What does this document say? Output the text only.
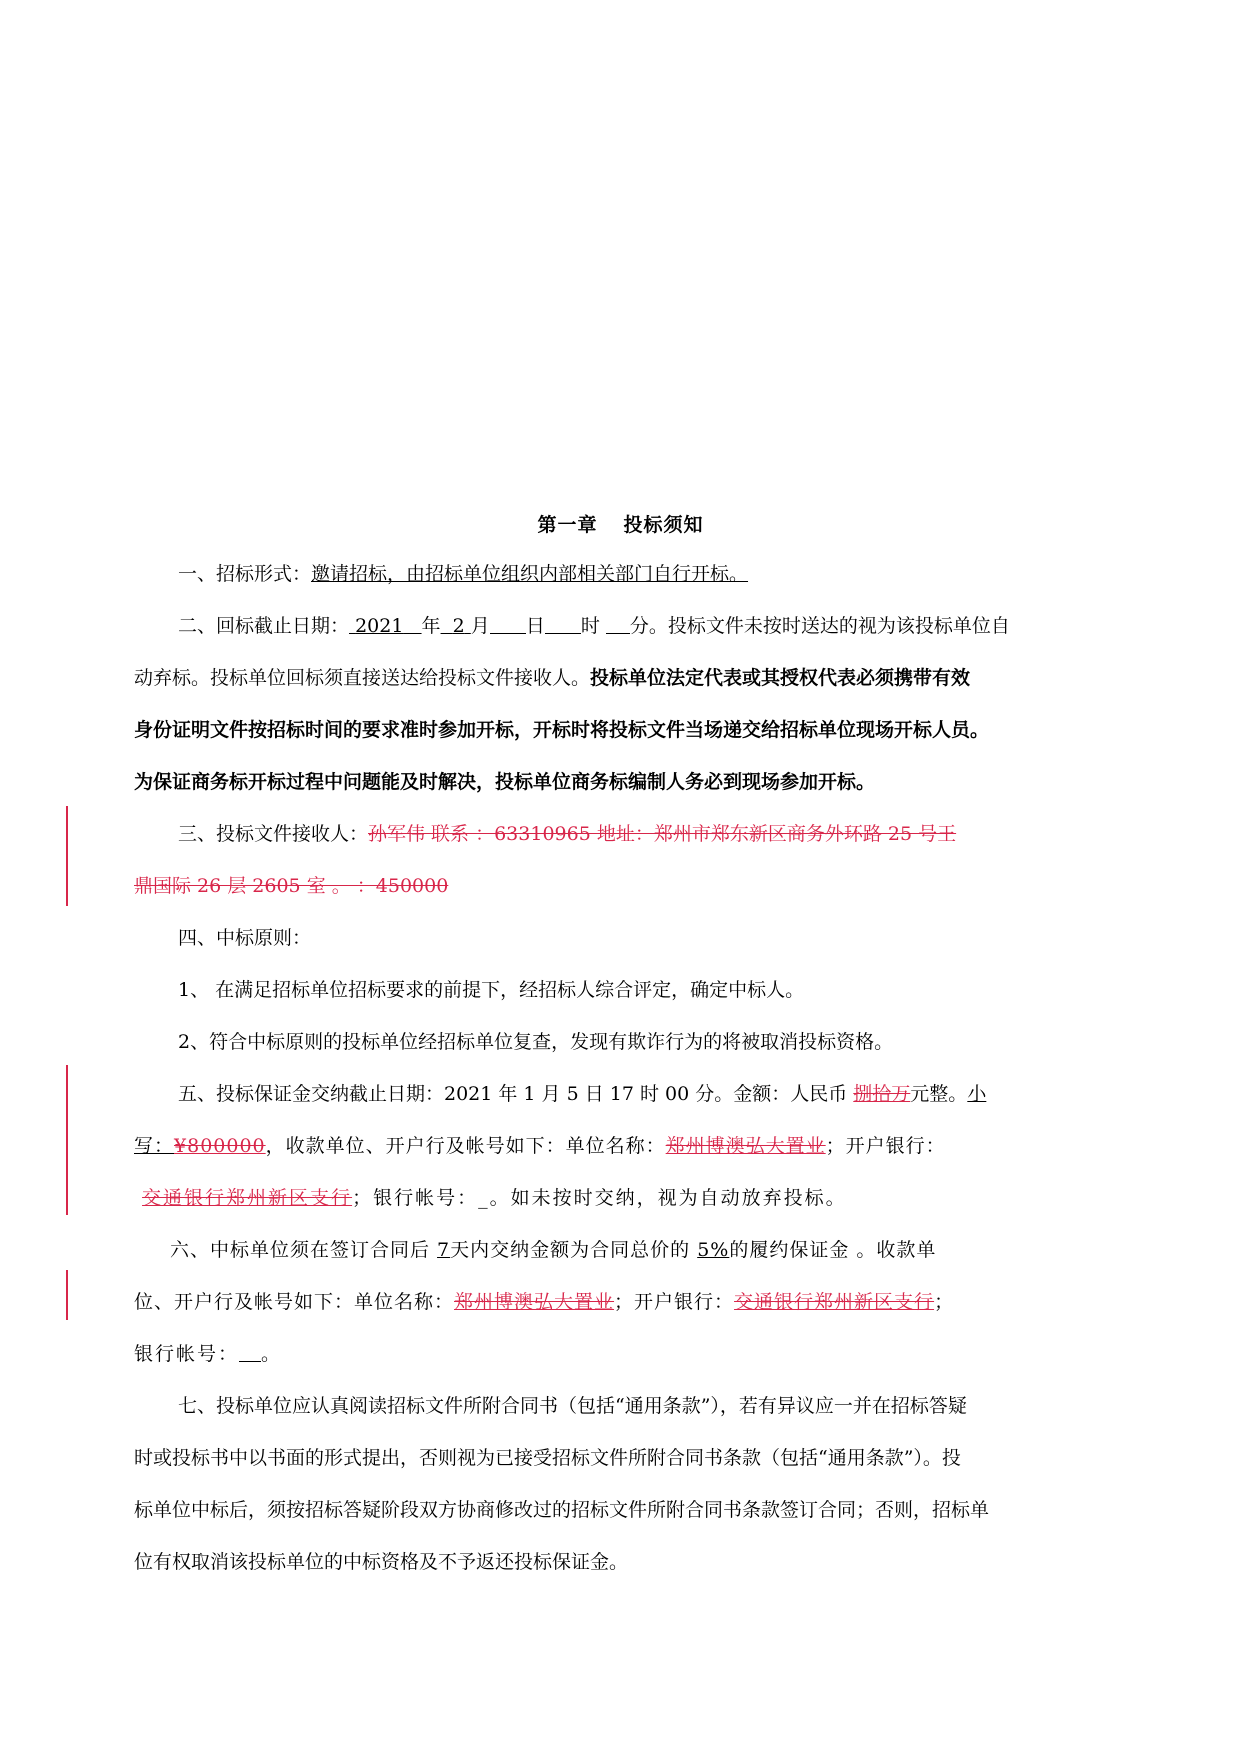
第一章 投标须知
一、招标形式：邀请招标，由招标单位组织内部相关部门自行开标。
二、回标截止日期： 2021 年 2 月 日 时 分。投标文件未按时送达的视为该投标单位自
动弃标。投标单位回标须直接送达给投标文件接收人。投标单位法定代表或其授权代表必须携带有效
身份证明文件按招标时间的要求准时参加开标，开标时将投标文件当场递交给招标单位现场开标人员。
为保证商务标开标过程中问题能及时解决，投标单位商务标编制人务必到现场参加开标。
三、投标文件接收人：孙军伟 联系 ：63310965 地址：郑州市郑东新区商务外环路 25 号王
鼎国际 26 层 2605 室 。 ：450000
四、中标原则：
1、 在满足招标单位招标要求的前提下，经招标人综合评定，确定中标人。
2、符合中标原则的投标单位经招标单位复查，发现有欺诈行为的将被取消投标资格。
五、投标保证金交纳截止日期：2021 年 1 月 5 日 17 时 00 分。金额：人民币 捌拾万元整。小
写：¥800000，收款单位、开户行及帐号如下：单位名称：郑州博澳弘大置业；开户银行：
交通银行郑州新区支行；银行帐号：_。如未按时交纳，视为自动放弃投标。
六、中标单位须在签订合同后 7天内交纳金额为合同总价的 5%的履约保证金 。收款单
位、开户行及帐号如下：单位名称：郑州博澳弘大置业；开户银行：交通银行郑州新区支行；
银行帐号： 。
七、投标单位应认真阅读招标文件所附合同书（包括“通用条款”），若有异议应一并在招标答疑
时或投标书中以书面的形式提出，否则视为已接受招标文件所附合同书条款（包括“通用条款”）。投
标单位中标后，须按招标答疑阶段双方协商修改过的招标文件所附合同书条款签订合同；否则，招标单
位有权取消该投标单位的中标资格及不予返还投标保证金。
